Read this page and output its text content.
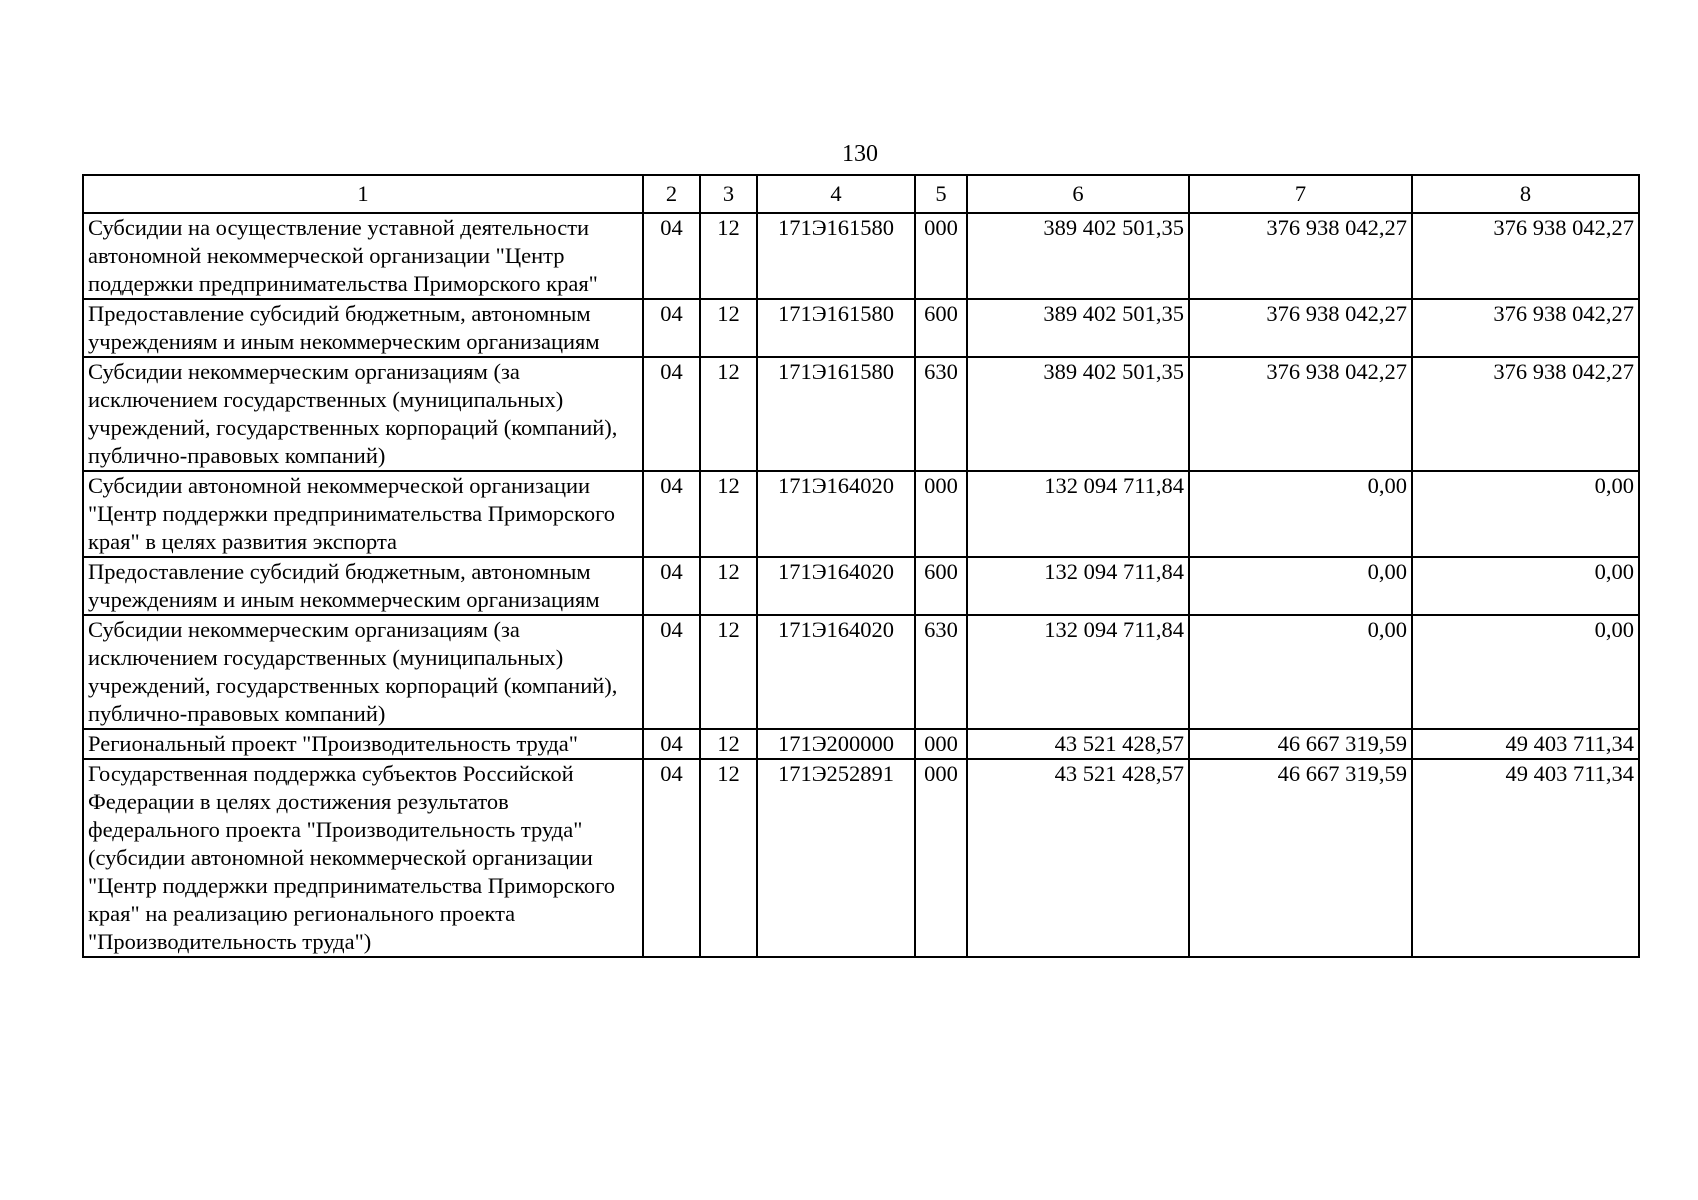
130
1	2	3	4	5	6	7	8
Субсидии на осуществление уставной деятельности автономной некоммерческой организации "Центр поддержки предпринимательства Приморского края"	04	12	171Э161580	000	389 402 501,35	376 938 042,27	376 938 042,27
Предоставление субсидий бюджетным, автономным учреждениям и иным некоммерческим организациям	04	12	171Э161580	600	389 402 501,35	376 938 042,27	376 938 042,27
Субсидии некоммерческим организациям (за исключением государственных (муниципальных) учреждений, государственных корпораций (компаний), публично-правовых компаний)	04	12	171Э161580	630	389 402 501,35	376 938 042,27	376 938 042,27
Субсидии автономной некоммерческой организации "Центр поддержки предпринимательства Приморского края" в целях развития экспорта	04	12	171Э164020	000	132 094 711,84	0,00	0,00
Предоставление субсидий бюджетным, автономным учреждениям и иным некоммерческим организациям	04	12	171Э164020	600	132 094 711,84	0,00	0,00
Субсидии некоммерческим организациям (за исключением государственных (муниципальных) учреждений, государственных корпораций (компаний), публично-правовых компаний)	04	12	171Э164020	630	132 094 711,84	0,00	0,00
Региональный проект "Производительность труда"	04	12	171Э200000	000	43 521 428,57	46 667 319,59	49 403 711,34
Государственная поддержка субъектов Российской Федерации в целях достижения результатов федерального проекта "Производительность труда" (субсидии автономной некоммерческой организации "Центр поддержки предпринимательства Приморского края" на реализацию регионального проекта "Производительность труда")	04	12	171Э252891	000	43 521 428,57	46 667 319,59	49 403 711,34
